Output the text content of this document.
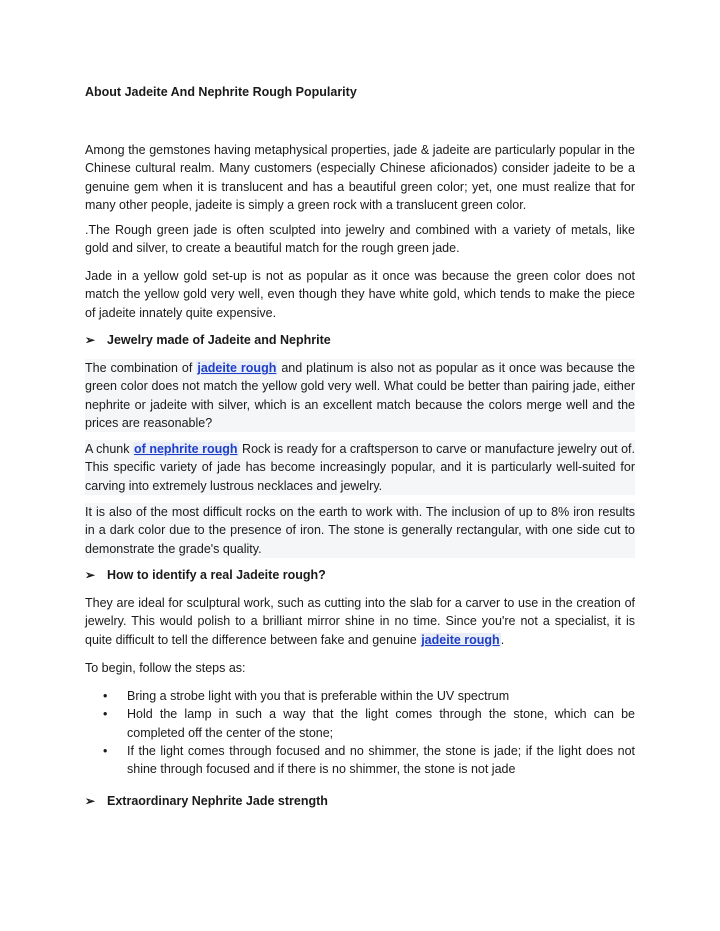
About Jadeite And Nephrite Rough Popularity

Among the gemstones having metaphysical properties, jade & jadeite are particularly popular in the Chinese cultural realm. Many customers (especially Chinese aficionados) consider jadeite to be a genuine gem when it is translucent and has a beautiful green color; yet, one must realize that for many other people, jadeite is simply a green rock with a translucent green color.

.The Rough green jade is often sculpted into jewelry and combined with a variety of metals, like gold and silver, to create a beautiful match for the rough green jade.

Jade in a yellow gold set-up is not as popular as it once was because the green color does not match the yellow gold very well, even though they have white gold, which tends to make the piece of jadeite innately quite expensive.

➢ Jewelry made of Jadeite and Nephrite

The combination of jadeite rough and platinum is also not as popular as it once was because the green color does not match the yellow gold very well. What could be better than pairing jade, either nephrite or jadeite with silver, which is an excellent match because the colors merge well and the prices are reasonable?

A chunk of nephrite rough Rock is ready for a craftsperson to carve or manufacture jewelry out of. This specific variety of jade has become increasingly popular, and it is particularly well-suited for carving into extremely lustrous necklaces and jewelry.

It is also of the most difficult rocks on the earth to work with. The inclusion of up to 8% iron results in a dark color due to the presence of iron. The stone is generally rectangular, with one side cut to demonstrate the grade's quality.

➢ How to identify a real Jadeite rough?

They are ideal for sculptural work, such as cutting into the slab for a carver to use in the creation of jewelry. This would polish to a brilliant mirror shine in no time. Since you're not a specialist, it is quite difficult to tell the difference between fake and genuine jadeite rough.

To begin, follow the steps as:

• Bring a strobe light with you that is preferable within the UV spectrum
• Hold the lamp in such a way that the light comes through the stone, which can be completed off the center of the stone;
• If the light comes through focused and no shimmer, the stone is jade; if the light does not shine through focused and if there is no shimmer, the stone is not jade
➢ Extraordinary Nephrite Jade strength
